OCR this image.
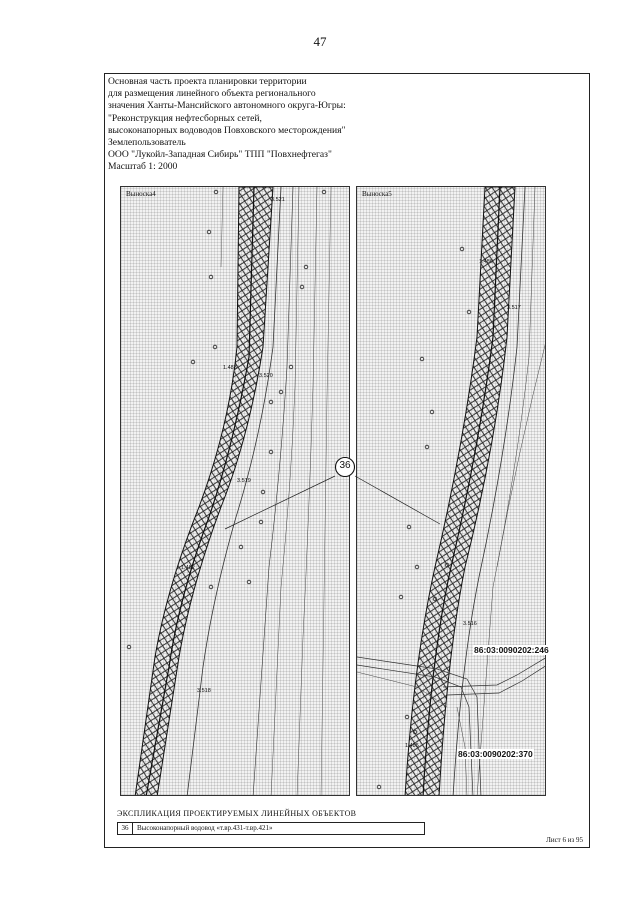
47
Основная часть проекта планировки территории
для размещения линейного объекта регионального
значения Ханты-Мансийского автономного округа-Югры:
"Реконструкция нефтесборных сетей,
высоконапорных водоводов Повховского месторождения"
Землепользователь
ООО "Лукойл-Западная Сибирь" ТПП "Повхнефтегаз"
Масштаб 1: 2000
3.521
3.520
1.483
3.519
1.482
3.518
Выноска4
1.486
3.517
3.516
1.485
Выноска5
36
86:03:0090202:246
86:03:0090202:370
ЭКСПЛИКАЦИЯ ПРОЕКТИРУЕМЫХ ЛИНЕЙНЫХ ОБЪЕКТОВ
36	Высоконапорный водовод «т.вр.431-т.вр.421»
Лист 6 из 95
